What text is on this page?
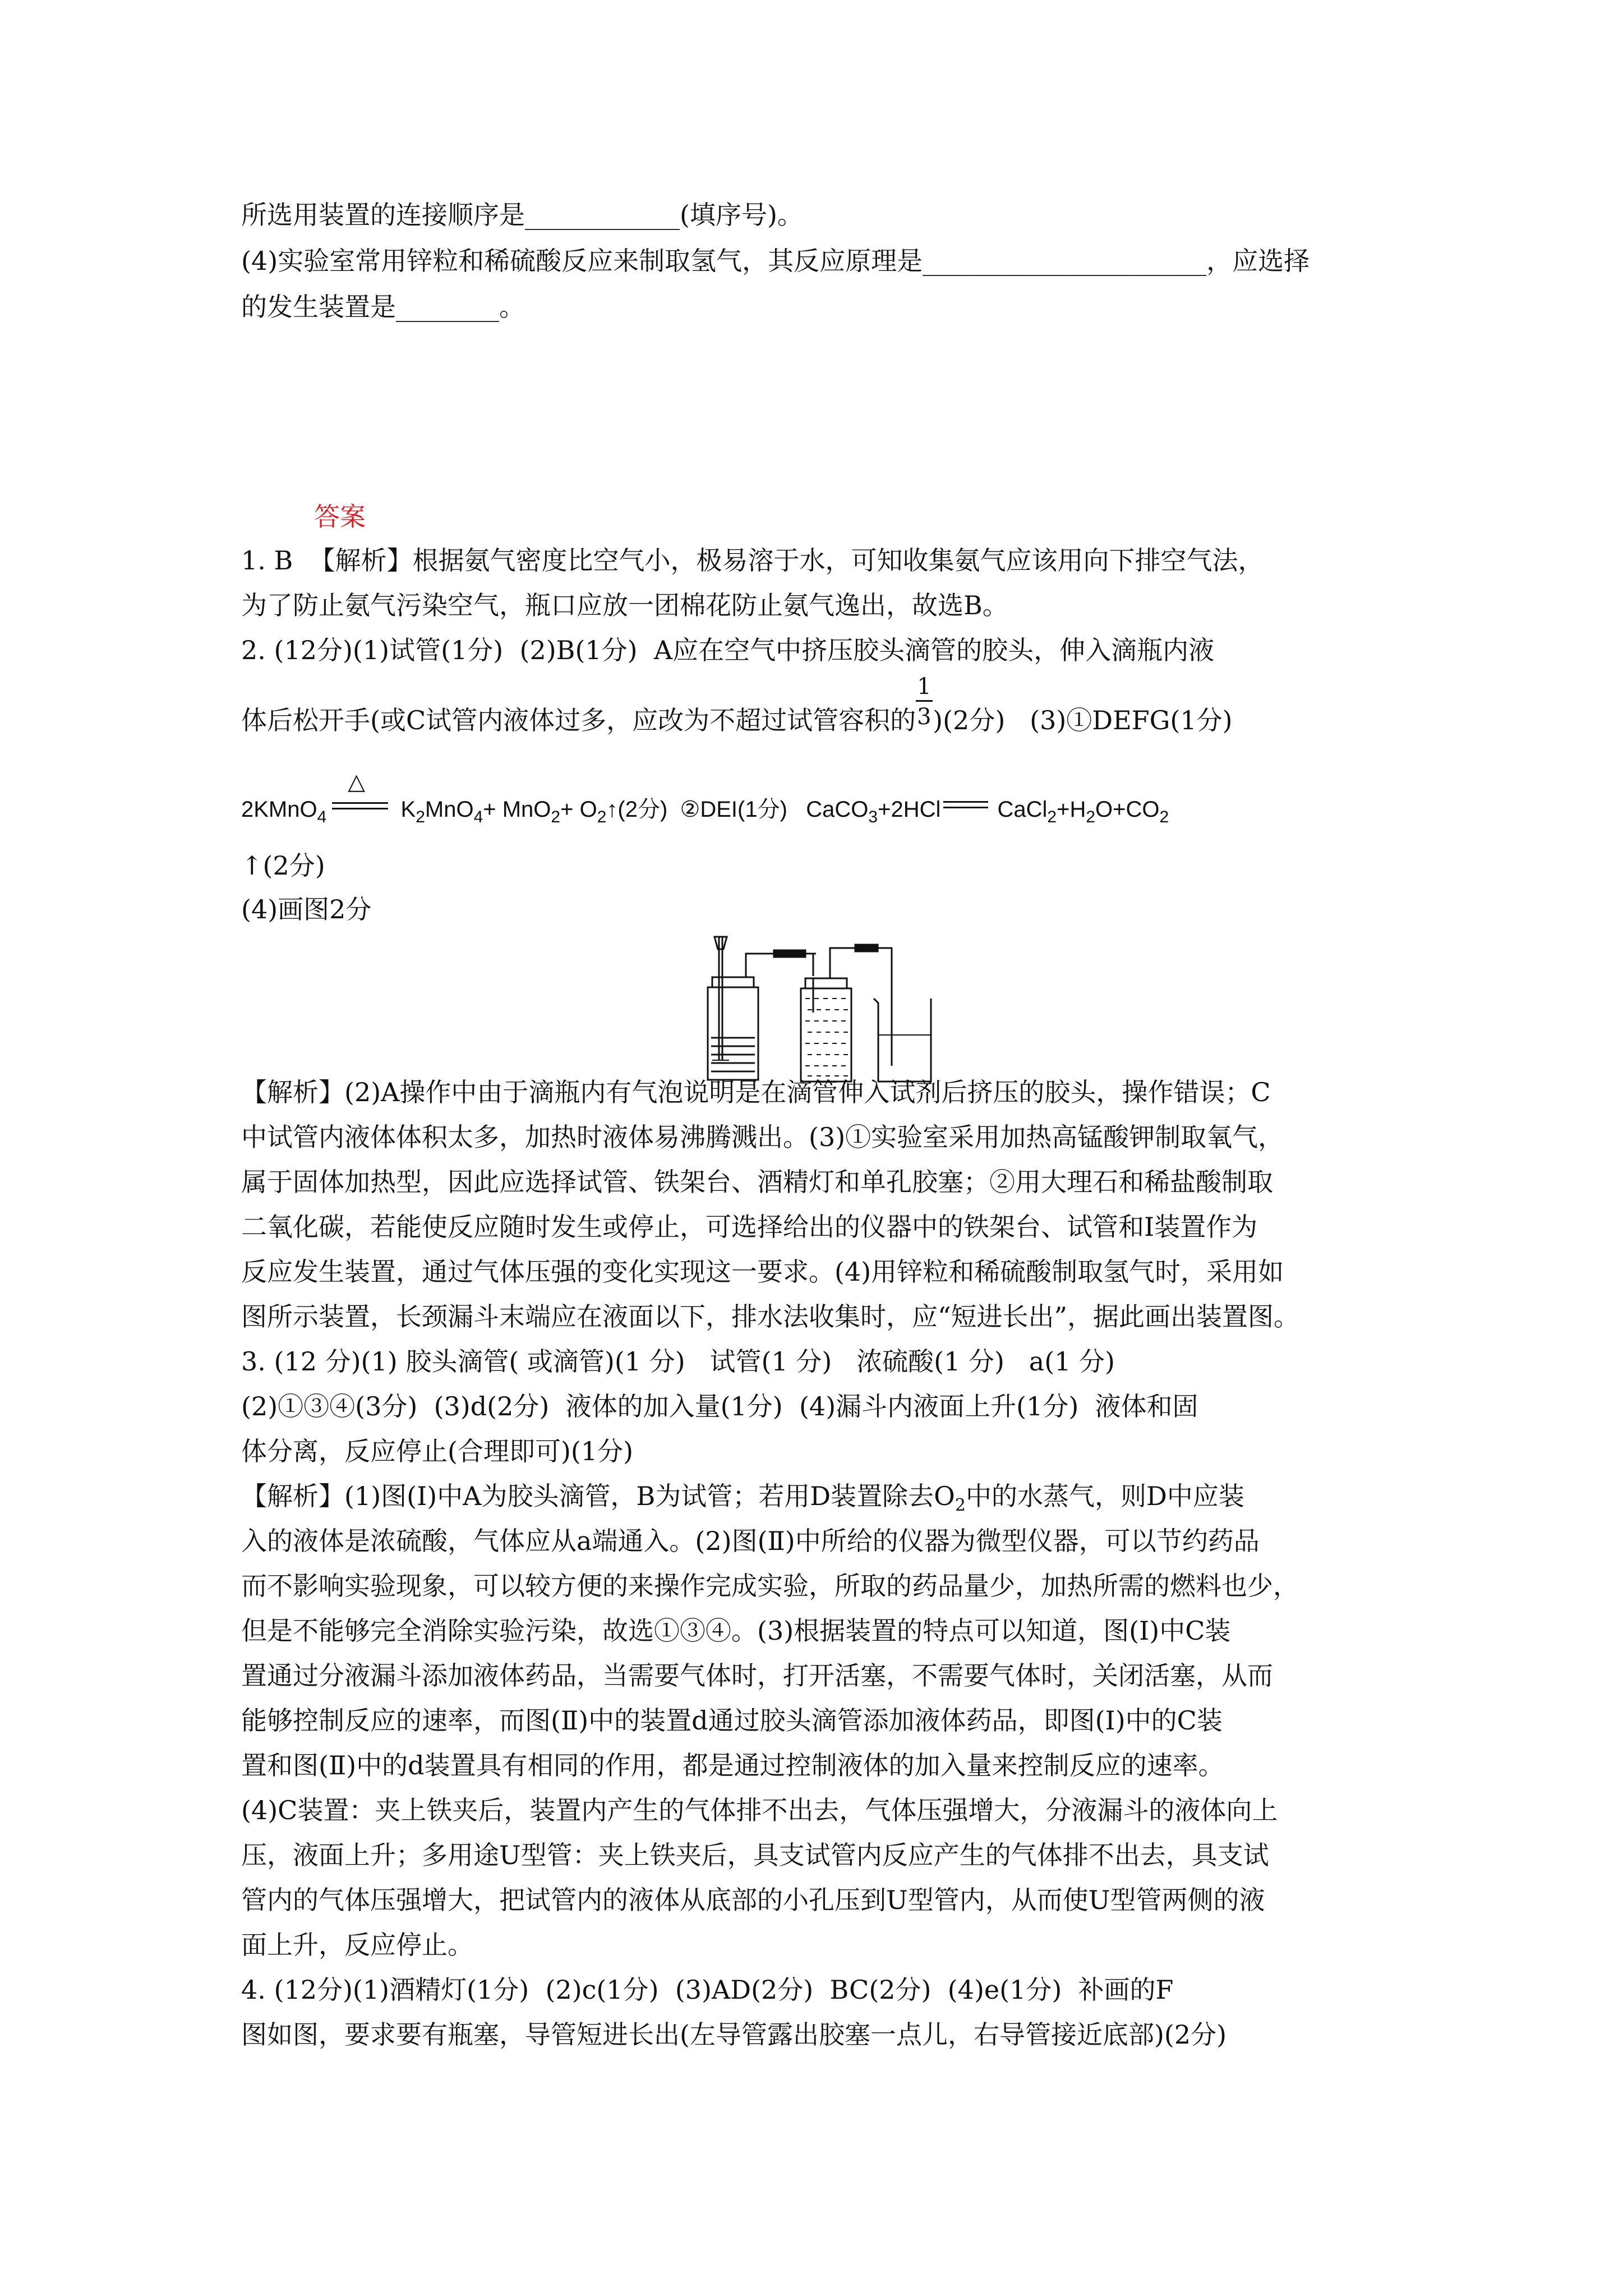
所选用装置的连接顺序是____________(填序号)。
(4)实验室常用锌粒和稀硫酸反应来制取氢气，其反应原理是______________________，应选择
的发生装置是________。
答案
1. B  【解析】根据氨气密度比空气小，极易溶于水，可知收集氨气应该用向下排空气法，
为了防止氨气污染空气，瓶口应放一团棉花防止氨气逸出，故选B。
2. (12分)(1)试管(1分)  (2)B(1分)  A应在空气中挤压胶头滴管的胶头，伸入滴瓶内液
体后松开手(或C试管内液体过多，应改为不超过试管容积的 $\frac{1}{3} )(2$分)   (3)①DEFG(1分)
2KMnO$_4$
△
$K_2MnO_4+ MnO_2+$ $O_2↑(2$分)  ②DEI(1分)   CaCO$_3$+2HCl
$CaCl_2+H_2O+CO_2$
↑(2分)
(4)画图2分
【解析】(2)A操作中由于滴瓶内有气泡说明是在滴管伸入试剂后挤压的胶头，操作错误；C
中试管内液体体积太多，加热时液体易沸腾溅出。(3)①实验室采用加热高锰酸钾制取氧气，
属于固体加热型，因此应选择试管、铁架台、酒精灯和单孔胶塞；②用大理石和稀盐酸制取
二氧化碳，若能使反应随时发生或停止，可选择给出的仪器中的铁架台、试管和I装置作为
反应发生装置，通过气体压强的变化实现这一要求。(4)用锌粒和稀硫酸制取氢气时，采用如
图所示装置，长颈漏斗末端应在液面以下，排水法收集时，应“短进长出”，据此画出装置图。
3. (12 分)(1) 胶头滴管( 或滴管)(1 分)   试管(1 分)   浓硫酸(1 分)   a(1 分)
(2)①③④(3分)  (3)d(2分)  液体的加入量(1分)  (4)漏斗内液面上升(1分)  液体和固
体分离，反应停止(合理即可)(1分)
【解析】(1)图(Ⅰ)中A为胶头滴管，B为试管；若用D装置除去$O_2$中的水蒸气，则D中应装
入的液体是浓硫酸，气体应从a端通入。(2)图(Ⅱ)中所给的仪器为微型仪器，可以节约药品
而不影响实验现象，可以较方便的来操作完成实验，所取的药品量少，加热所需的燃料也少，
但是不能够完全消除实验污染，故选①③④。(3)根据装置的特点可以知道，图(Ⅰ)中C装
置通过分液漏斗添加液体药品，当需要气体时，打开活塞，不需要气体时，关闭活塞，从而
能够控制反应的速率，而图(Ⅱ)中的装置d通过胶头滴管添加液体药品，即图(Ⅰ)中的C装
置和图(Ⅱ)中的d装置具有相同的作用，都是通过控制液体的加入量来控制反应的速率。
(4)C装置：夹上铁夹后，装置内产生的气体排不出去，气体压强增大，分液漏斗的液体向上
压，液面上升；多用途U型管：夹上铁夹后，具支试管内反应产生的气体排不出去，具支试
管内的气体压强增大，把试管内的液体从底部的小孔压到U型管内，从而使U型管两侧的液
面上升，反应停止。
4. (12分)(1)酒精灯(1分)  (2)c(1分)  (3)AD(2分)  BC(2分)  (4)e(1分)  补画的F
图如图，要求要有瓶塞，导管短进长出(左导管露出胶塞一点儿，右导管接近底部)(2分)
